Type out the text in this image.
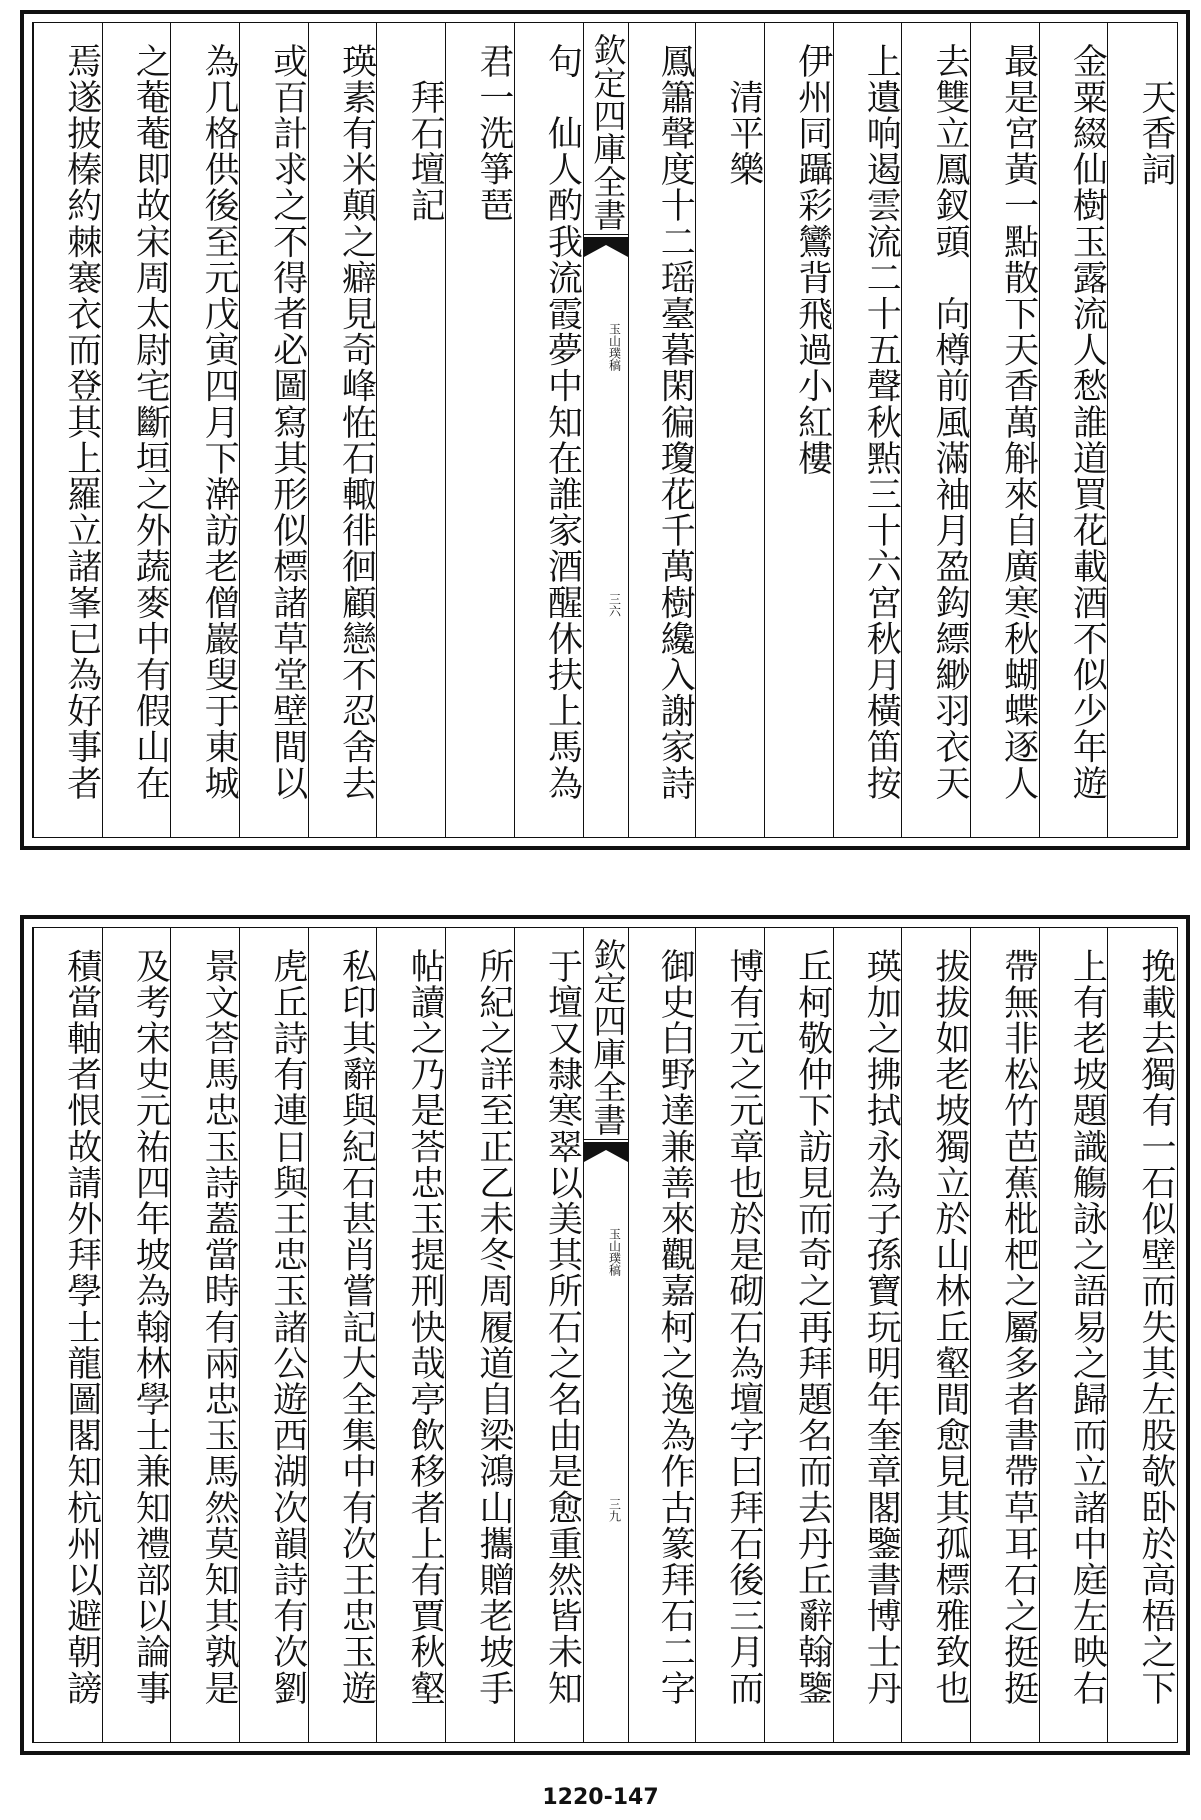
　天香詞
金粟綴仙樹玉露流人愁誰道買花載酒不似少年遊
最是宮黃一點散下天香萬斛來自廣寒秋蝴蝶逐人
去雙立鳳釵頭　向樽前風滿袖月盈鈎縹緲羽衣天
上遺响遏雲流二十五聲秋㸃三十六宮秋月橫笛按
伊州同躡彩鸞背飛過小紅樓
　清平樂
鳳簫聲度十二瑶臺暮閑徧瓊花千萬樹纔入謝家詩
句　仙人酌我流霞夢中知在誰家酒醒休扶上馬為
君一洗箏琶
　拜石壇記
瑛素有米顛之癖見奇峰恠石輙徘徊顧戀不忍舍去
或百計求之不得者必圖寫其形似標諸草堂壁間以
為几格供後至元戊寅四月下澣訪老僧巖叟于東城
之菴菴即故宋周太尉宅斷垣之外蔬麥中有假山在
焉遂披榛約棘褰衣而登其上羅立諸峯已為好事者	欽定四庫全書
玉山璞稿
三六
挽載去獨有一石似壁而失其左股欹卧於高梧之下
上有老坡題識觴詠之語易之歸而立諸中庭左映右
帶無非松竹芭蕉枇杷之屬多者書帶草耳石之挺挺
拔拔如老坡獨立於山林丘壑間愈見其孤標雅致也
瑛加之拂拭永為子孫寶玩明年奎章閣鑒書博士丹
丘柯敬仲下訪見而奇之再拜題名而去丹丘辭翰鑒
博有元之元章也於是砌石為壇字曰拜石後三月而
御史白野達兼善來觀嘉柯之逸為作古篆拜石二字
于壇又隸寒翠以美其所石之名由是愈重然皆未知
所紀之詳至正乙未冬周履道自梁鴻山攜贈老坡手
帖讀之乃是荅忠玉提刑快哉亭飲移者上有賈秋壑
私印其辭與紀石甚肖嘗記大全集中有次王忠玉遊
虎丘詩有連日與王忠玉諸公遊西湖次韻詩有次劉
景文荅馬忠玉詩蓋當時有兩忠玉馬然莫知其孰是
及考宋史元祐四年坡為翰林學士兼知禮部以論事
積當軸者恨故請外拜學士龍圖閣知杭州以避朝謗	欽定四庫全書
玉山璞稿
三九
1220-147
